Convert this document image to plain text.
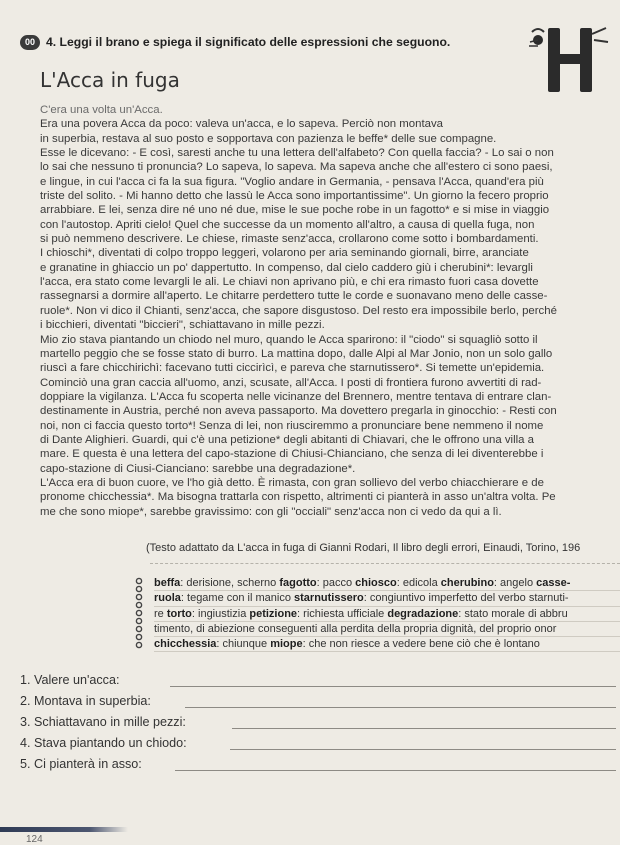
00 4. Leggi il brano e spiega il significato delle espressioni che seguono.
L'Acca in fuga
C'era una volta un'Acca.
Era una povera Acca da poco: valeva un'acca, e lo sapeva. Perciò non montava
in superbia, restava al suo posto e sopportava con pazienza le beffe* delle sue compagne.
Esse le dicevano: - E così, saresti anche tu una lettera dell'alfabeto? Con quella faccia? - Lo sai o non
lo sai che nessuno ti pronuncia? Lo sapeva, lo sapeva. Ma sapeva anche che all'estero ci sono paesi,
e lingue, in cui l'acca ci fa la sua figura. "Voglio andare in Germania, - pensava l'Acca, quand'era più
triste del solito. - Mi hanno detto che lassù le Acca sono importantissime". Un giorno la fecero proprio
arrabbiare. E lei, senza dire né uno né due, mise le sue poche robe in un fagotto* e si mise in viaggio
con l'autostop. Apriti cielo! Quel che successe da un momento all'altro, a causa di quella fuga, non
si può nemmeno descrivere. Le chiese, rimaste senz'acca, crollarono come sotto i bombardamenti.
I chioschi*, diventati di colpo troppo leggeri, volarono per aria seminando giornali, birre, aranciate
e granatine in ghiaccio un po' dappertutto. In compenso, dal cielo caddero giù i cherubini*: levargli
l'acca, era stato come levargli le ali. Le chiavi non aprivano più, e chi era rimasto fuori casa dovette
rassegnarsi a dormire all'aperto. Le chitarre perdettero tutte le corde e suonavano meno delle casse-
ruole*. Non vi dico il Chianti, senz'acca, che sapore disgustoso. Del resto era impossibile berlo, perché
i bicchieri, diventati "biccieri", schiattavano in mille pezzi.
Mio zio stava piantando un chiodo nel muro, quando le Acca sparirono: il "ciodo" si squagliò sotto il
martello peggio che se fosse stato di burro. La mattina dopo, dalle Alpi al Mar Jonio, non un solo gallo
riuscì a fare chicchirichì: facevano tutti ciccirìcì, e pareva che starnutissero*. Si temette un'epidemia.
Cominciò una gran caccia all'uomo, anzi, scusate, all'Acca. I posti di frontiera furono avvertiti di rad-
doppiare la vigilanza. L'Acca fu scoperta nelle vicinanze del Brennero, mentre tentava di entrare clan-
destinamente in Austria, perché non aveva passaporto. Ma dovettero pregarla in ginocchio: - Resti con
noi, non ci faccia questo torto*! Senza di lei, non riuscirem​mo a pronunciare bene nemmeno il nome
di Dante Alighieri. Guardi, qui c'è una petizione* degli abitanti di Chiavari, che le offrono una villa a
mare. E questa è una lettera del capo-stazione di Chiusi-Chianciano, che senza di lei diventerebbe i
capo-stazione di Ciusi-Cianciano: sarebbe una degradazione*.
L'Acca era di buon cuore, ve l'ho già detto. È rimasta, con gran sollievo del verbo chiacchierare e de
pronome chicchessia*. Ma bisogna trattarla con rispetto, altrimenti ci pianterà in asso un'altra volta. Pe
me che sono miope*, sarebbe gravissimo: con gli "occiali" senz'acca non ci vedo da qui a lì.
(Testo adattato da L'acca in fuga di Gianni Rodari, Il libro degli errori, Einaudi, Torino, 196
beffa: derisione, scherno fagotto: pacco chiosco: edicola cherubino: angelo casse-
ruola: tegame con il manico starnutissero: congiuntivo imperfetto del verbo starnuti-
re torto: ingiustizia petizione: richiesta ufficiale degradazione: stato morale di abbru
timento, di abiezione conseguenti alla perdita della propria dignità, del proprio onor
chicchessia: chiunque miope: che non riesce a vedere bene ciò che è lontano
1. Valere un'acca:
2. Montava in superbia:
3. Schiattavano in mille pezzi:
4. Stava piantando un chiodo:
5. Ci pianterà in asso:
124
